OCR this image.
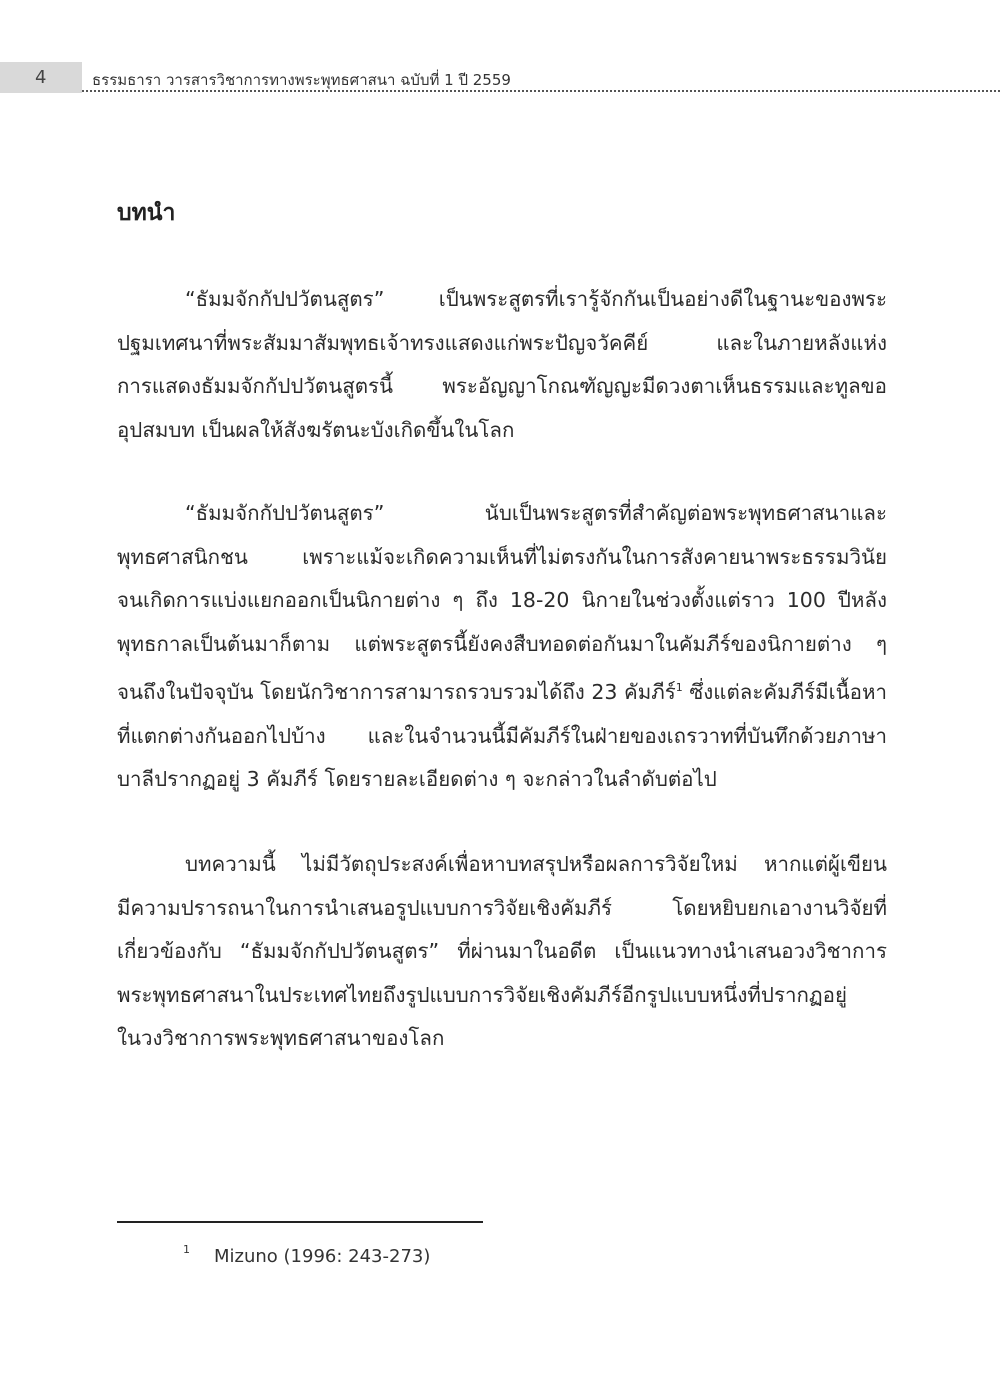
4	ธรรมธารา วารสารวิชาการทางพระพุทธศาสนา ฉบับที่ 1 ปี 2559
บทนำ
“ธัมมจักกัปปวัตนสูตร” เป็นพระสูตรที่เรารู้จักกันเป็นอย่างดีในฐานะของพระ
ปฐมเทศนาที่พระสัมมาสัมพุทธเจ้าทรงแสดงแก่พระปัญจวัคคีย์ และในภายหลังแห่ง
การแสดงธัมมจักกัปปวัตนสูตรนี้ พระอัญญาโกณฑัญญะมีดวงตาเห็นธรรมและทูลขอ
อุปสมบท เป็นผลให้สังฆรัตนะบังเกิดขึ้นในโลก
“ธัมมจักกัปปวัตนสูตร” นับเป็นพระสูตรที่สำคัญต่อพระพุทธศาสนาและ
พุทธศาสนิกชน เพราะแม้จะเกิดความเห็นที่ไม่ตรงกันในการสังคายนาพระธรรมวินัย
จนเกิดการแบ่งแยกออกเป็นนิกายต่าง ๆ ถึง 18-20 นิกายในช่วงตั้งแต่ราว 100 ปีหลัง
พุทธกาลเป็นต้นมาก็ตาม แต่พระสูตรนี้ยังคงสืบทอดต่อกันมาในคัมภีร์ของนิกายต่าง ๆ
จนถึงในปัจจุบัน โดยนักวิชาการสามารถรวบรวมได้ถึง 23 คัมภีร์$^1$ ซึ่งแต่ละคัมภีร์มีเนื้อหา
ที่แตกต่างกันออกไปบ้าง และในจำนวนนี้มีคัมภีร์ในฝ่ายของเถรวาทที่บันทึกด้วยภาษา
บาลีปรากฏอยู่ 3 คัมภีร์ โดยรายละเอียดต่าง ๆ จะกล่าวในลำดับต่อไป
บทความนี้ ไม่มีวัตถุประสงค์เพื่อหาบทสรุปหรือผลการวิจัยใหม่ หากแต่ผู้เขียน
มีความปรารถนาในการนำเสนอรูปแบบการวิจัยเชิงคัมภีร์ โดยหยิบยกเอางานวิจัยที่
เกี่ยวข้องกับ “ธัมมจักกัปปวัตนสูตร” ที่ผ่านมาในอดีต เป็นแนวทางนำเสนอวงวิชาการ
พระพุทธศาสนาในประเทศไทยถึงรูปแบบการวิจัยเชิงคัมภีร์อีกรูปแบบหนึ่งที่ปรากฏอยู่
ในวงวิชาการพระพุทธศาสนาของโลก
$^1$ Mizuno (1996: 243-273)
